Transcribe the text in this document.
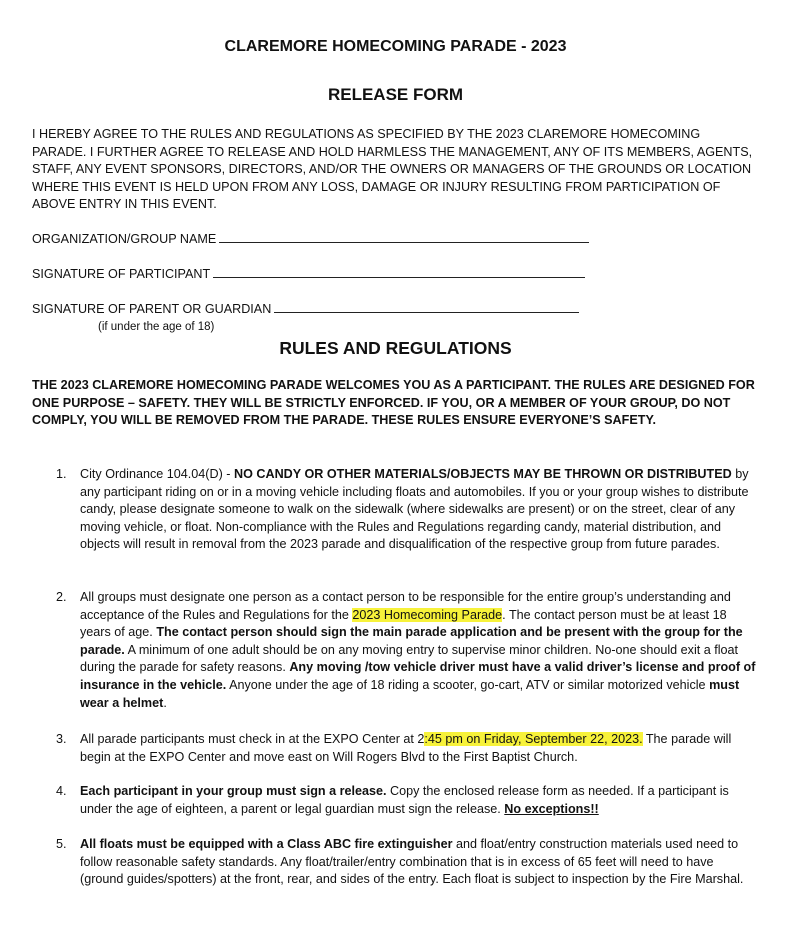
CLAREMORE HOMECOMING PARADE - 2023
RELEASE FORM
I HEREBY AGREE TO THE RULES AND REGULATIONS AS SPECIFIED BY THE 2023 CLAREMORE HOMECOMING PARADE. I FURTHER AGREE TO RELEASE AND HOLD HARMLESS THE MANAGEMENT, ANY OF ITS MEMBERS, AGENTS, STAFF, ANY EVENT SPONSORS, DIRECTORS, AND/OR THE OWNERS OR MANAGERS OF THE GROUNDS OR LOCATION WHERE THIS EVENT IS HELD UPON FROM ANY LOSS, DAMAGE OR INJURY RESULTING FROM PARTICIPATION OF ABOVE ENTRY IN THIS EVENT.
ORGANIZATION/GROUP NAME
SIGNATURE OF PARTICIPANT
SIGNATURE OF PARENT OR GUARDIAN
(if under the age of 18)
RULES AND REGULATIONS
THE 2023 CLAREMORE HOMECOMING PARADE WELCOMES YOU AS A PARTICIPANT. THE RULES ARE DESIGNED FOR ONE PURPOSE – SAFETY. THEY WILL BE STRICTLY ENFORCED. IF YOU, OR A MEMBER OF YOUR GROUP, DO NOT COMPLY, YOU WILL BE REMOVED FROM THE PARADE. THESE RULES ENSURE EVERYONE’S SAFETY.
1. City Ordinance 104.04(D) - NO CANDY OR OTHER MATERIALS/OBJECTS MAY BE THROWN OR DISTRIBUTED by any participant riding on or in a moving vehicle including floats and automobiles. If you or your group wishes to distribute candy, please designate someone to walk on the sidewalk (where sidewalks are present) or on the street, clear of any moving vehicle, or float. Non-compliance with the Rules and Regulations regarding candy, material distribution, and objects will result in removal from the 2023 parade and disqualification of the respective group from future parades.
2. All groups must designate one person as a contact person to be responsible for the entire group’s understanding and acceptance of the Rules and Regulations for the 2023 Homecoming Parade. The contact person must be at least 18 years of age. The contact person should sign the main parade application and be present with the group for the parade. A minimum of one adult should be on any moving entry to supervise minor children. No-one should exit a float during the parade for safety reasons. Any moving /tow vehicle driver must have a valid driver’s license and proof of insurance in the vehicle. Anyone under the age of 18 riding a scooter, go-cart, ATV or similar motorized vehicle must wear a helmet.
3. All parade participants must check in at the EXPO Center at 2:45 pm on Friday, September 22, 2023. The parade will begin at the EXPO Center and move east on Will Rogers Blvd to the First Baptist Church.
4. Each participant in your group must sign a release. Copy the enclosed release form as needed. If a participant is under the age of eighteen, a parent or legal guardian must sign the release. No exceptions!!
5. All floats must be equipped with a Class ABC fire extinguisher and float/entry construction materials used need to follow reasonable safety standards. Any float/trailer/entry combination that is in excess of 65 feet will need to have (ground guides/spotters) at the front, rear, and sides of the entry. Each float is subject to inspection by the Fire Marshal.
